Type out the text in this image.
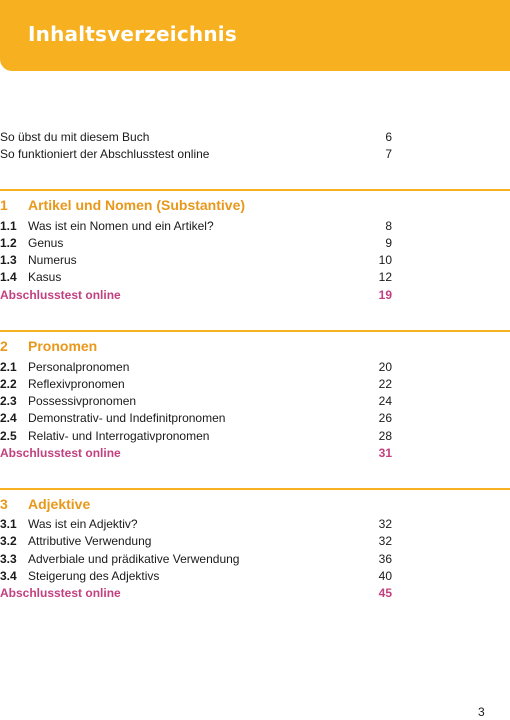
Inhaltsverzeichnis
So übst du mit diesem Buch	6
So funktioniert der Abschlusstest online	7
1 Artikel und Nomen (Substantive)
1.1 Was ist ein Nomen und ein Artikel?	8
1.2 Genus	9
1.3 Numerus	10
1.4 Kasus	12
Abschlusstest online	19
2 Pronomen
2.1 Personalpronomen	20
2.2 Reflexivpronomen	22
2.3 Possessivpronomen	24
2.4 Demonstrativ- und Indefinitpronomen	26
2.5 Relativ- und Interrogativpronomen	28
Abschlusstest online	31
3 Adjektive
3.1 Was ist ein Adjektiv?	32
3.2 Attributive Verwendung	32
3.3 Adverbiale und prädikative Verwendung	36
3.4 Steigerung des Adjektivs	40
Abschlusstest online	45
3
